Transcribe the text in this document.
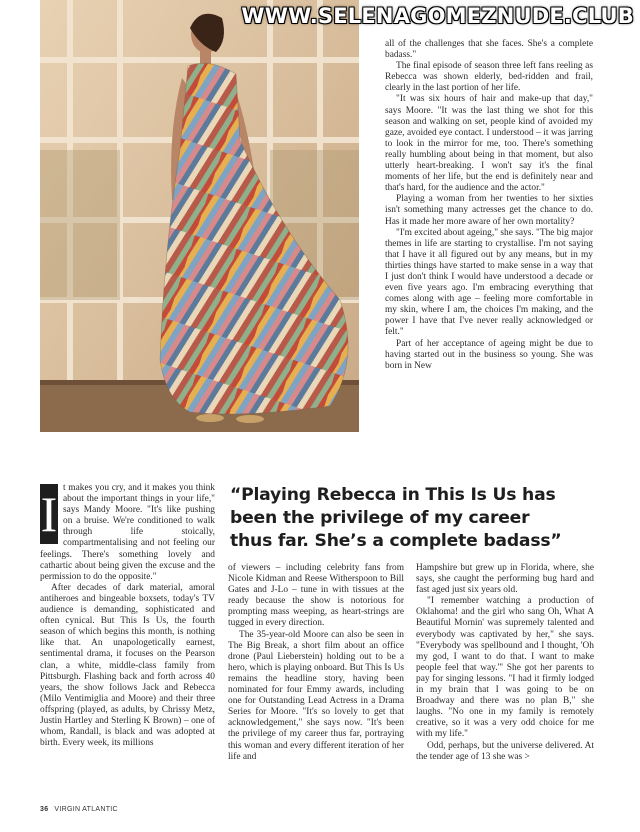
WWW.SELENAGOMEZNUDE.CLUB

all of the challenges that she faces. She's a complete badass."

The final episode of season three left fans reeling as Rebecca was shown elderly, bed-ridden and frail, clearly in the last portion of her life.

"It was six hours of hair and make-up that day," says Moore. "It was the last thing we shot for this season and walking on set, people kind of avoided my gaze, avoided eye contact. I understood – it was jarring to look in the mirror for me, too. There's something really humbling about being in that moment, but also utterly heart-breaking. I won't say it's the final moments of her life, but the end is definitely near and that's hard, for the audience and the actor."

Playing a woman from her twenties to her sixties isn't something many actresses get the chance to do. Has it made her more aware of her own mortality?

"I'm excited about ageing," she says. "The big major themes in life are starting to crystallise. I'm not saying that I have it all figured out by any means, but in my thirties things have started to make sense in a way that I just don't think I would have understood a decade or even five years ago. I'm embracing everything that comes along with age – feeling more comfortable in my skin, where I am, the choices I'm making, and the power I have that I've never really acknowledged or felt."

Part of her acceptance of ageing might be due to having started out in the business so young. She was born in New

“Playing Rebecca in This Is Us has been the privilege of my career thus far. She’s a complete badass”
I t makes you cry, and it makes you think about the important things in your life," says Mandy Moore. "It's like pushing on a bruise. We're conditioned to walk through life stoically, compartmentalising and not feeling our feelings. There's something lovely and cathartic about being given the excuse and the permission to do the opposite."

After decades of dark material, amoral antiheroes and bingeable boxsets, today's TV audience is demanding, sophisticated and often cynical. But This Is Us, the fourth season of which begins this month, is nothing like that. An unapologetically earnest, sentimental drama, it focuses on the Pearson clan, a white, middle-class family from Pittsburgh. Flashing back and forth across 40 years, the show follows Jack and Rebecca (Milo Ventimiglia and Moore) and their three offspring (played, as adults, by Chrissy Metz, Justin Hartley and Sterling K Brown) – one of whom, Randall, is black and was adopted at birth. Every week, its millions

of viewers – including celebrity fans from Nicole Kidman and Reese Witherspoon to Bill Gates and J-Lo – tune in with tissues at the ready because the show is notorious for prompting mass weeping, as heart-strings are tugged in every direction.

The 35-year-old Moore can also be seen in The Big Break, a short film about an office drone (Paul Lieberstein) holding out to be a hero, which is playing onboard. But This Is Us remains the headline story, having been nominated for four Emmy awards, including one for Outstanding Lead Actress in a Drama Series for Moore. "It's so lovely to get that acknowledgement," she says now. "It's been the privilege of my career thus far, portraying this woman and every different iteration of her life and

Hampshire but grew up in Florida, where, she says, she caught the performing bug hard and fast aged just six years old.

"I remember watching a production of Oklahoma! and the girl who sang Oh, What A Beautiful Mornin' was supremely talented and everybody was captivated by her," she says. "Everybody was spellbound and I thought, 'Oh my god, I want to do that. I want to make people feel that way.'" She got her parents to pay for singing lessons. "I had it firmly lodged in my brain that I was going to be on Broadway and there was no plan B," she laughs. "No one in my family is remotely creative, so it was a very odd choice for me with my life."

Odd, perhaps, but the universe delivered. At the tender age of 13 she was >

36 VIRGIN ATLANTIC
